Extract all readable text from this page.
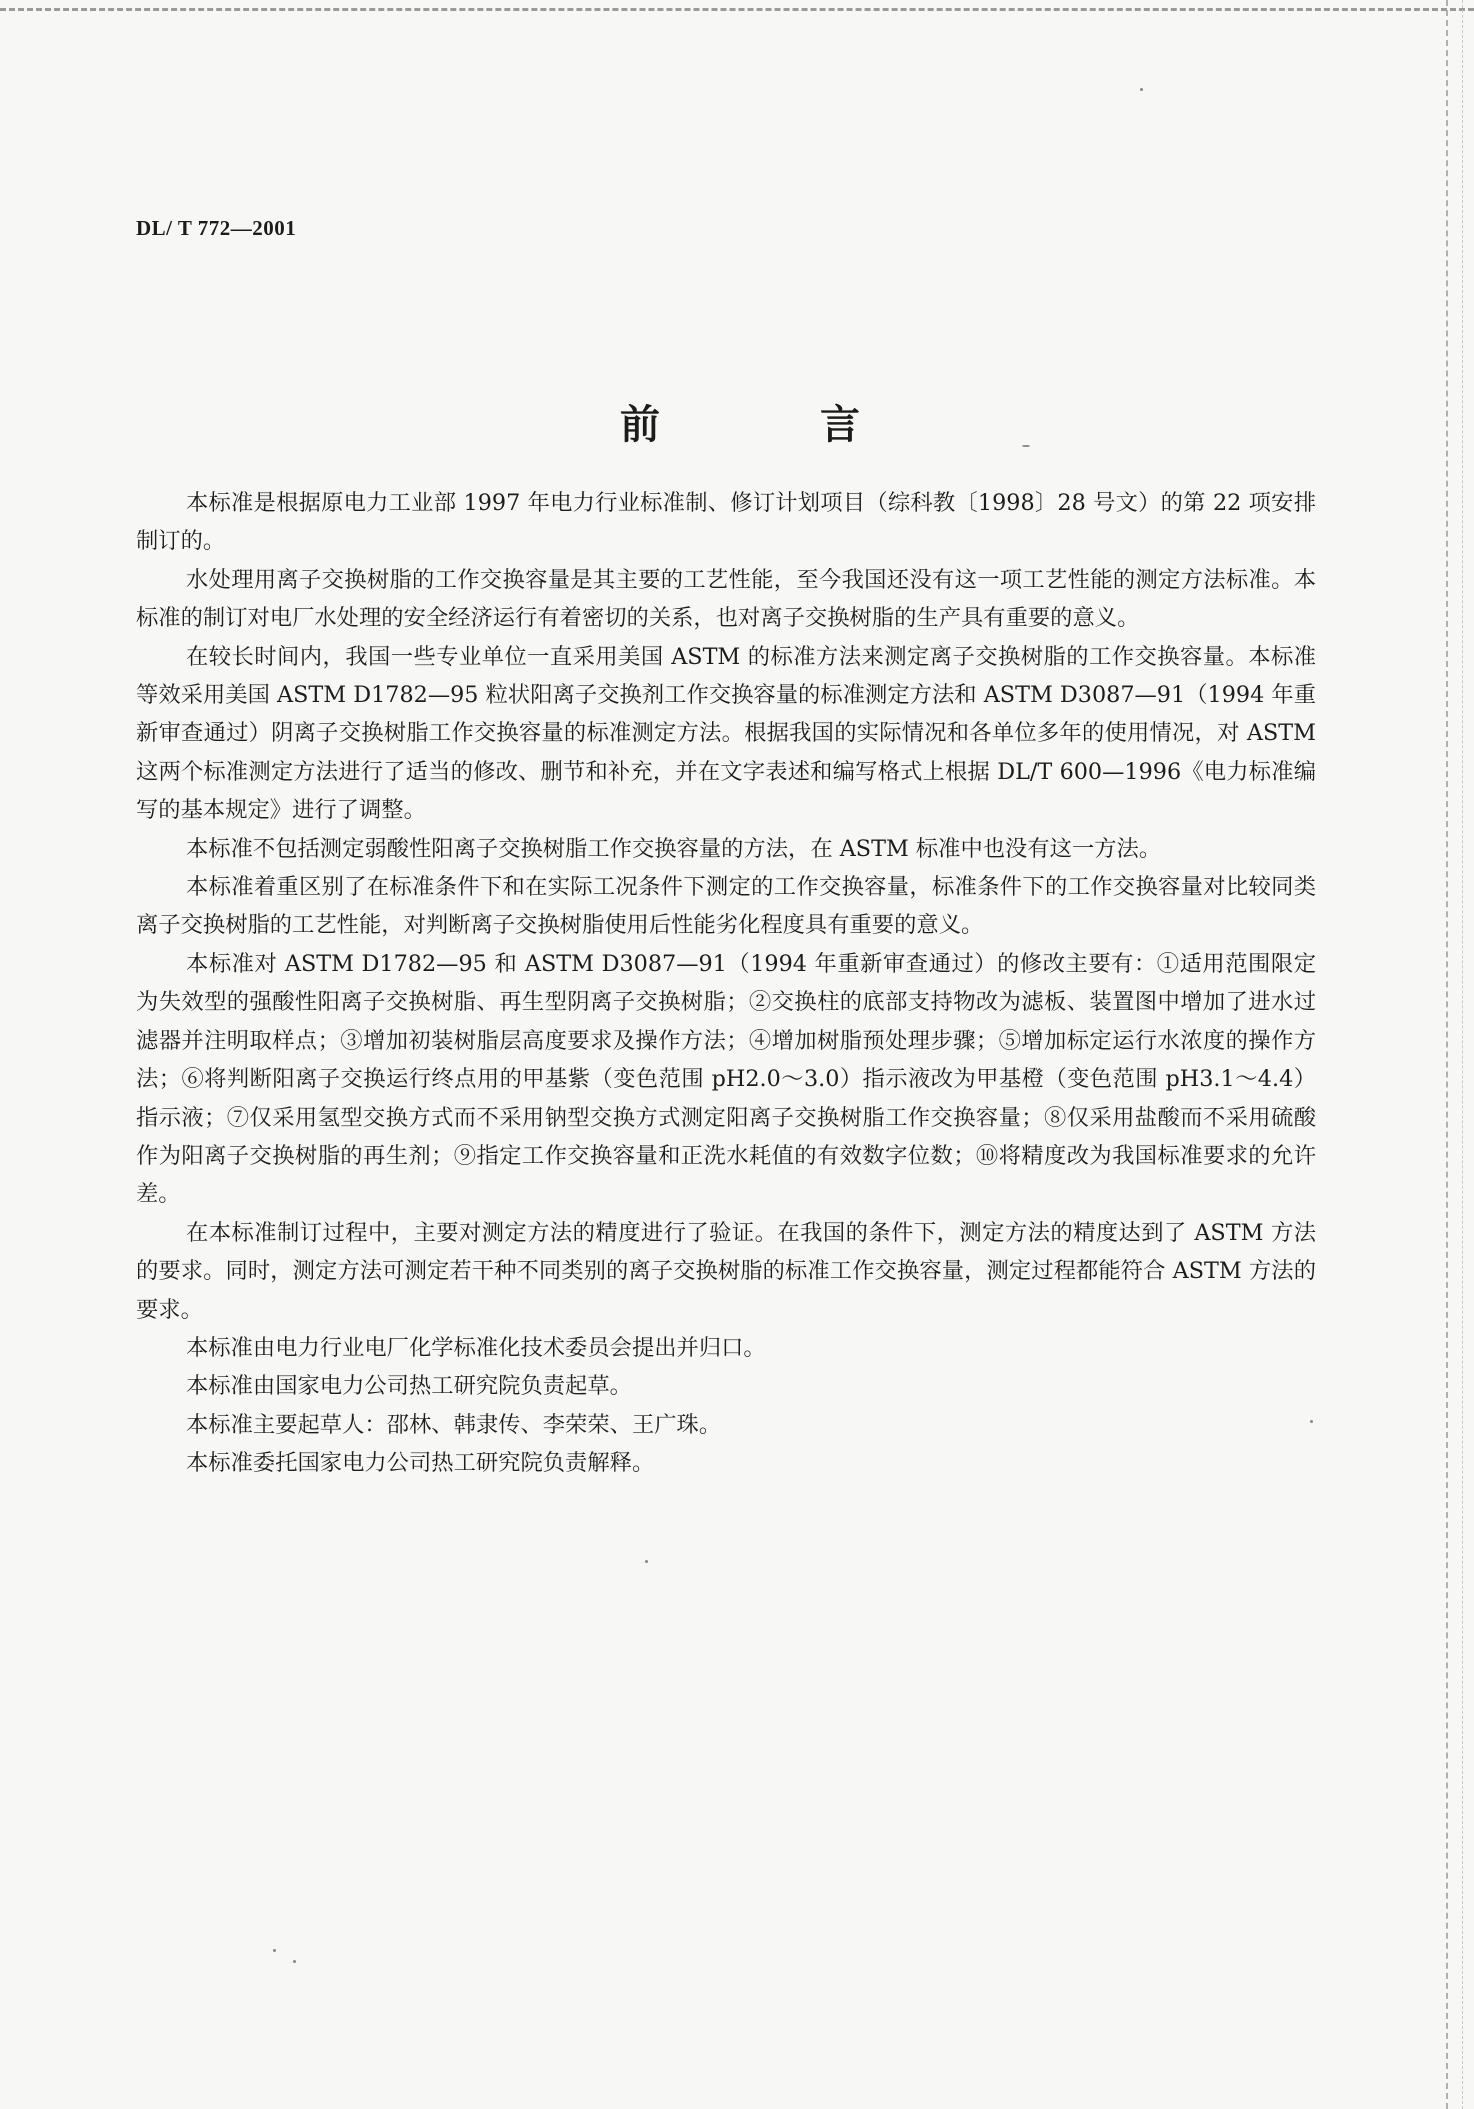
DL/ T 772—2001
前	言

本标准是根据原电力工业部 1997 年电力行业标准制、修订计划项目（综科教〔1998〕28 号文）的第 22 项安排制订的。

水处理用离子交换树脂的工作交换容量是其主要的工艺性能，至今我国还没有这一项工艺性能的测定方法标准。本标准的制订对电厂水处理的安全经济运行有着密切的关系，也对离子交换树脂的生产具有重要的意义。

在较长时间内，我国一些专业单位一直采用美国 ASTM 的标准方法来测定离子交换树脂的工作交换容量。本标准等效采用美国 ASTM D1782—95 粒状阳离子交换剂工作交换容量的标准测定方法和 ASTM D3087—91（1994 年重新审查通过）阴离子交换树脂工作交换容量的标准测定方法。根据我国的实际情况和各单位多年的使用情况，对 ASTM 这两个标准测定方法进行了适当的修改、删节和补充，并在文字表述和编写格式上根据 DL/T 600—1996《电力标准编写的基本规定》进行了调整。

本标准不包括测定弱酸性阳离子交换树脂工作交换容量的方法，在 ASTM 标准中也没有这一方法。

本标准着重区别了在标准条件下和在实际工况条件下测定的工作交换容量，标准条件下的工作交换容量对比较同类离子交换树脂的工艺性能，对判断离子交换树脂使用后性能劣化程度具有重要的意义。

本标准对 ASTM D1782—95 和 ASTM D3087—91（1994 年重新审查通过）的修改主要有：①适用范围限定为失效型的强酸性阳离子交换树脂、再生型阴离子交换树脂；②交换柱的底部支持物改为滤板、装置图中增加了进水过滤器并注明取样点；③增加初装树脂层高度要求及操作方法；④增加树脂预处理步骤；⑤增加标定运行水浓度的操作方法；⑥将判断阳离子交换运行终点用的甲基紫（变色范围 pH2.0～3.0）指示液改为甲基橙（变色范围 pH3.1～4.4）指示液；⑦仅采用氢型交换方式而不采用钠型交换方式测定阳离子交换树脂工作交换容量；⑧仅采用盐酸而不采用硫酸作为阳离子交换树脂的再生剂；⑨指定工作交换容量和正洗水耗值的有效数字位数；⑩将精度改为我国标准要求的允许差。

在本标准制订过程中，主要对测定方法的精度进行了验证。在我国的条件下，测定方法的精度达到了 ASTM 方法的要求。同时，测定方法可测定若干种不同类别的离子交换树脂的标准工作交换容量，测定过程都能符合 ASTM 方法的要求。

本标准由电力行业电厂化学标准化技术委员会提出并归口。

本标准由国家电力公司热工研究院负责起草。

本标准主要起草人：邵林、韩隶传、李荣荣、王广珠。

本标准委托国家电力公司热工研究院负责解释。
